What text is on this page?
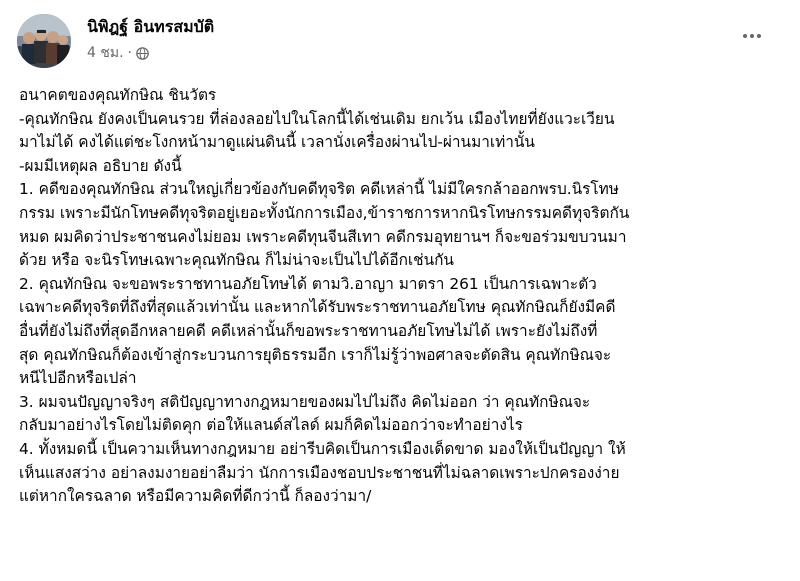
นิพิฎฐ์ อินทรสมบัติ
4 ชม. ·

อนาคตของคุณทักษิณ ชินวัตร

-คุณทักษิณ ยังคงเป็นคนรวย ที่ล่องลอยไปในโลกนี้ได้เช่นเดิม ยกเว้น เมืองไทยที่ยังแวะเวียน

มาไม่ได้ คงได้แต่ชะโงกหน้ามาดูแผ่นดินนี้ เวลานั่งเครื่องผ่านไป-ผ่านมาเท่านั้น

-ผมมีเหตุผล อธิบาย ดังนี้

1. คดีของคุณทักษิณ ส่วนใหญ่เกี่ยวข้องกับคดีทุจริต คดีเหล่านี้ ไม่มีใครกล้าออกพรบ.นิรโทษ

กรรม เพราะมีนักโทษคดีทุจริตอยู่เยอะทั้งนักการเมือง,ข้าราชการหากนิรโทษกรรมคดีทุจริตกัน

หมด ผมคิดว่าประชาชนคงไม่ยอม เพราะคดีทุนจีนสีเทา คดีกรมอุทยานฯ ก็จะขอร่วมขบวนมา

ด้วย หรือ จะนิรโทษเฉพาะคุณทักษิณ ก็ไม่น่าจะเป็นไปได้อีกเช่นกัน

2. คุณทักษิณ จะขอพระราชทานอภัยโทษได้ ตามวิ.อาญา มาตรา 261 เป็นการเฉพาะตัว

เฉพาะคดีทุจริตที่ถึงที่สุดแล้วเท่านั้น และหากได้รับพระราชทานอภัยโทษ คุณทักษิณก็ยังมีคดี

อื่นที่ยังไม่ถึงที่สุดอีกหลายคดี คดีเหล่านั้นก็ขอพระราชทานอภัยโทษไม่ได้ เพราะยังไม่ถึงที่

สุด คุณทักษิณก็ต้องเข้าสู่กระบวนการยุติธรรมอีก เราก็ไม่รู้ว่าพอศาลจะตัดสิน คุณทักษิณจะ

หนีไปอีกหรือเปล่า

3. ผมจนปัญญาจริงๆ สติปัญญาทางกฎหมายของผมไปไม่ถึง คิดไม่ออก ว่า คุณทักษิณจะ

กลับมาอย่างไรโดยไม่ติดคุก ต่อให้แลนด์สไลด์ ผมก็คิดไม่ออกว่าจะทำอย่างไร

4. ทั้งหมดนี้ เป็นความเห็นทางกฎหมาย อย่ารีบคิดเป็นการเมืองเด็ดขาด มองให้เป็นปัญญา ให้

เห็นแสงสว่าง อย่าลงมงายอย่าลืมว่า นักการเมืองชอบประชาชนที่ไม่ฉลาดเพราะปกครองง่าย

แต่หากใครฉลาด หรือมีความคิดที่ดีกว่านี้ ก็ลองว่ามา/
